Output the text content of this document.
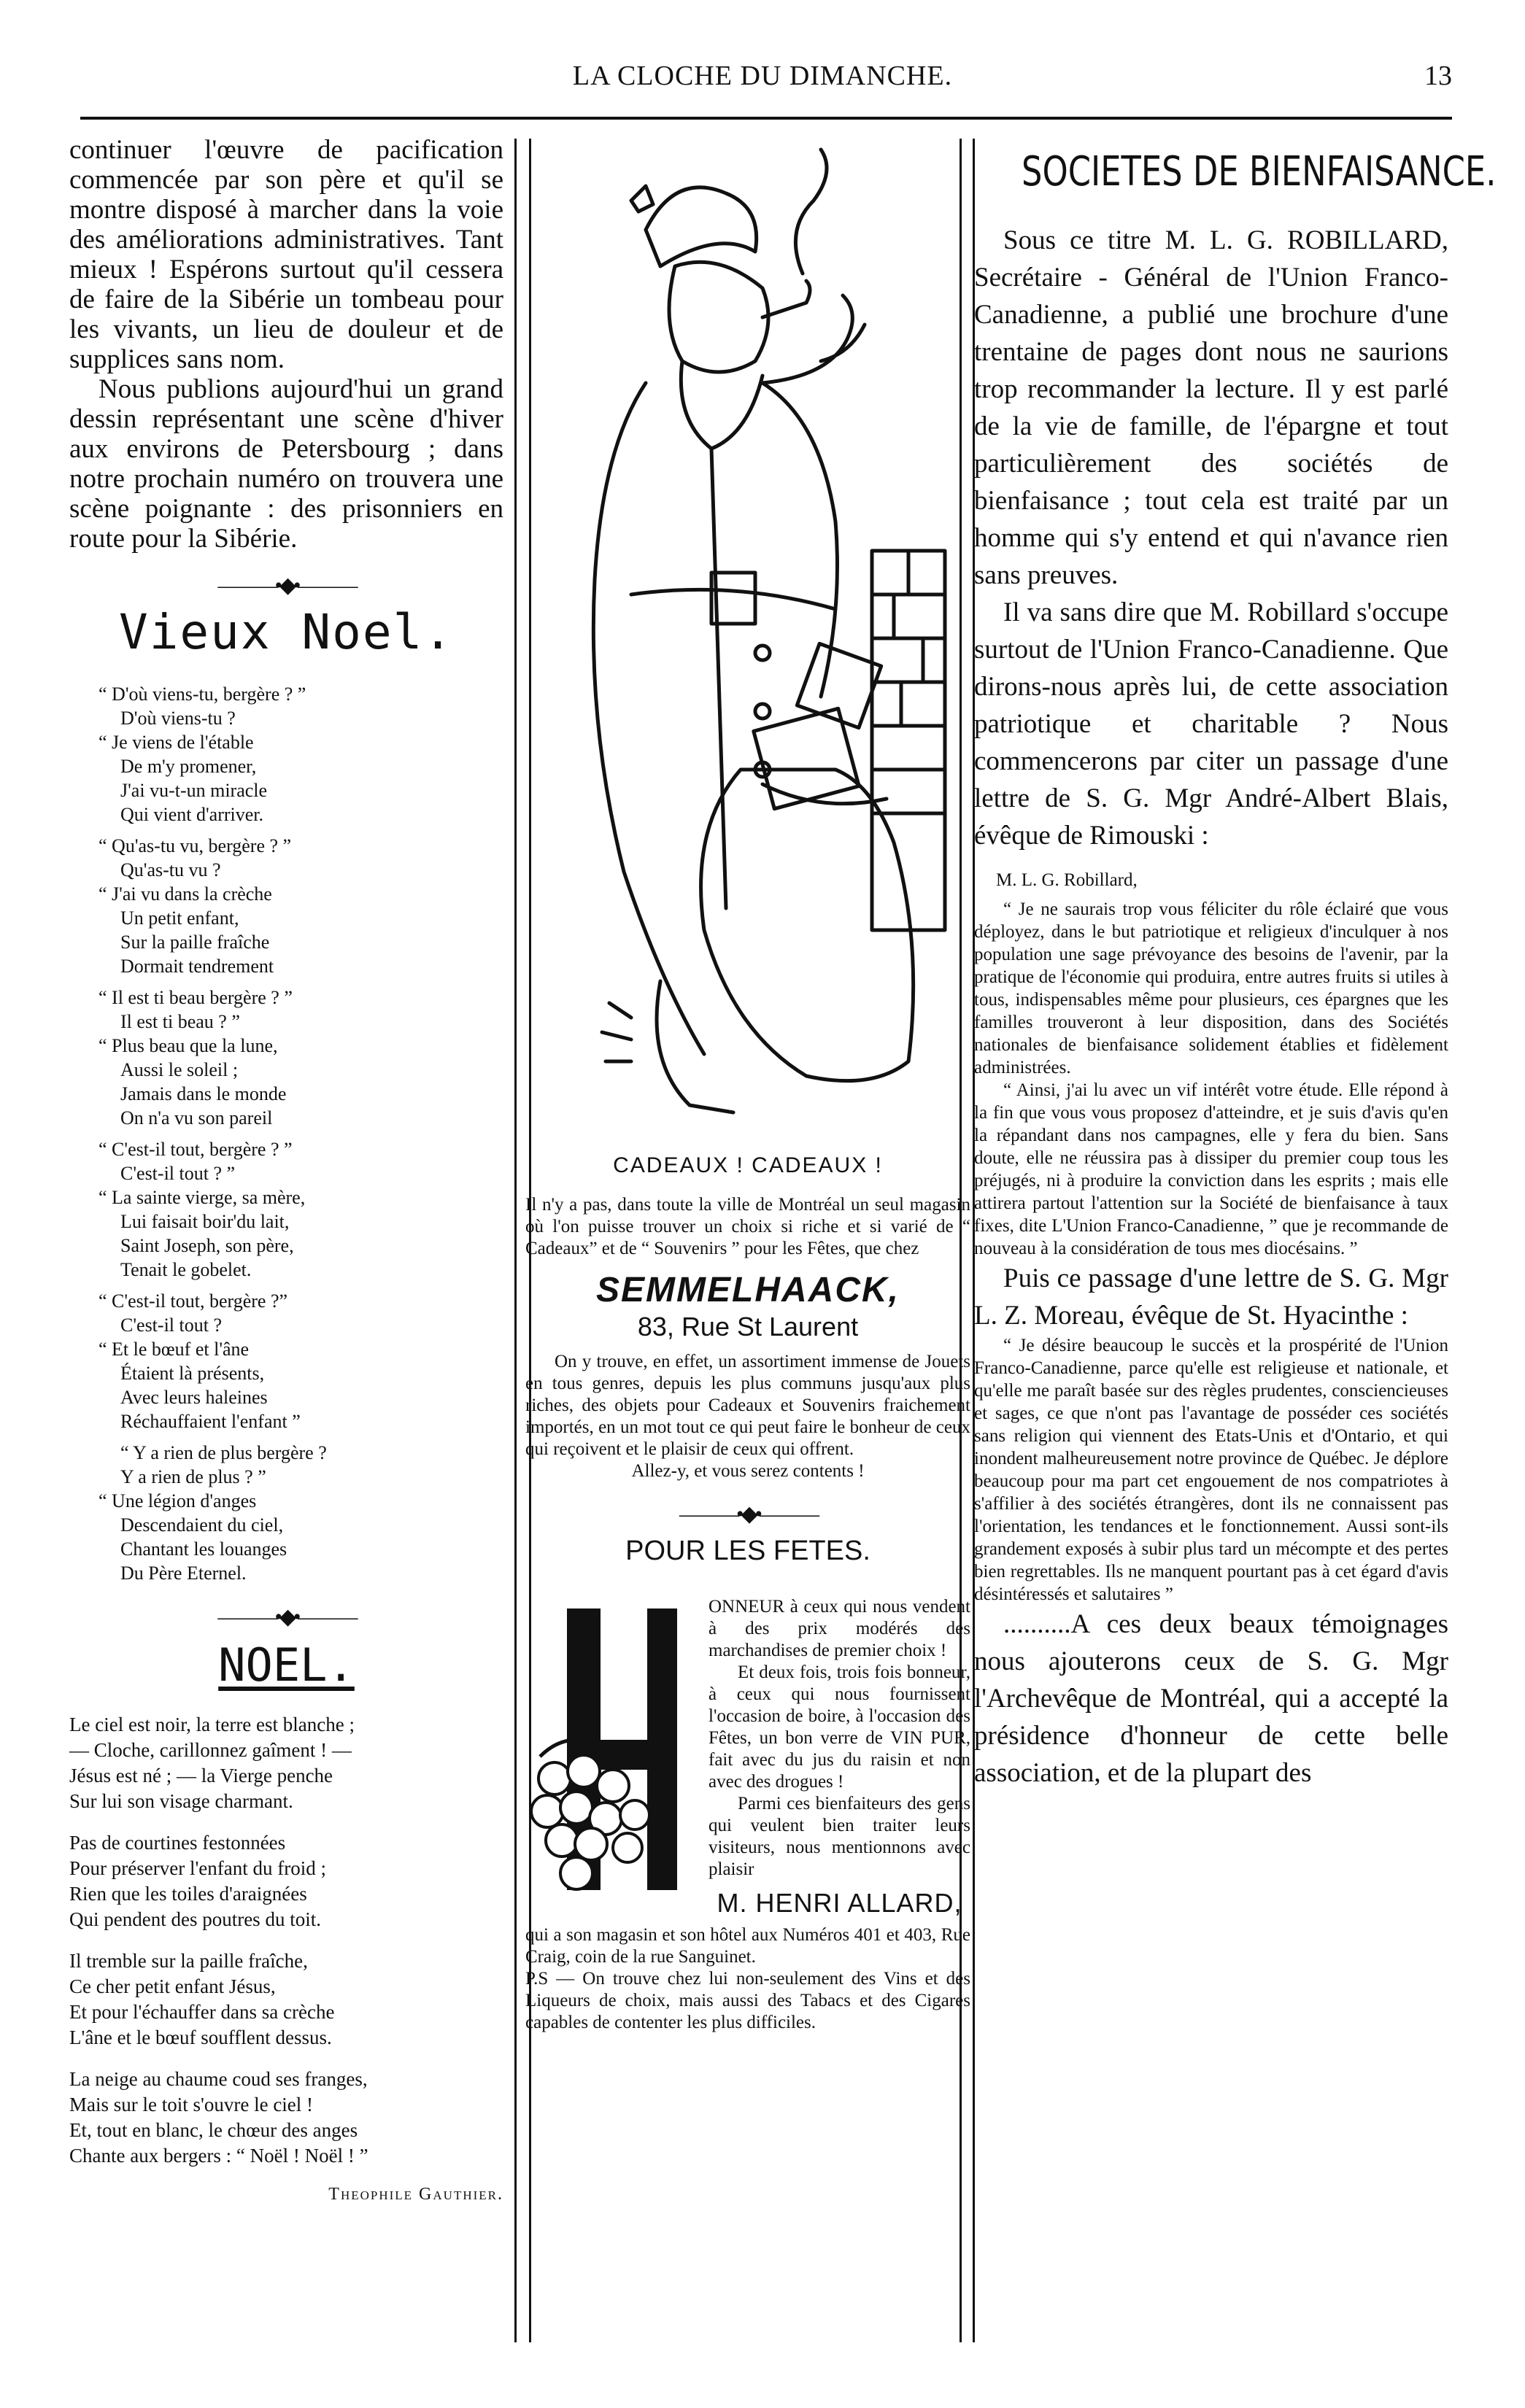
LA CLOCHE DU DIMANCHE.	13

continuer l'œuvre de pacification commencée par son père et qu'il se montre disposé à marcher dans la voie des améliorations administratives. Tant mieux ! Espérons surtout qu'il cessera de faire de la Sibérie un tombeau pour les vivants, un lieu de douleur et de supplices sans nom.

Nous publions aujourd'hui un grand dessin représentant une scène d'hiver aux environs de Petersbourg ; dans notre prochain numéro on trouvera une scène poignante : des prisonniers en route pour la Sibérie.

———•◆•———
Vieux Noel.
“ D'où viens-tu, bergère ? ”
D'où viens-tu ?
“ Je viens de l'étable
De m'y promener,
J'ai vu-t-un miracle
Qui vient d'arriver.
“ Qu'as-tu vu, bergère ? ”
Qu'as-tu vu ?
“ J'ai vu dans la crèche
Un petit enfant,
Sur la paille fraîche
Dormait tendrement
“ Il est ti beau bergère ? ”
Il est ti beau ? ”
“ Plus beau que la lune,
Aussi le soleil ;
Jamais dans le monde
On n'a vu son pareil
“ C'est-il tout, bergère ? ”
C'est-il tout ? ”
“ La sainte vierge, sa mère,
Lui faisait boir'du lait,
Saint Joseph, son père,
Tenait le gobelet.
“ C'est-il tout, bergère ?”
C'est-il tout ?
“ Et le bœuf et l'âne
Étaient là présents,
Avec leurs haleines
Réchauffaient l'enfant ”
“ Y a rien de plus bergère ?
Y a rien de plus ? ”
“ Une légion d'anges
Descendaient du ciel,
Chantant les louanges
Du Père Eternel.
———•◆•———
NOEL.
Le ciel est noir, la terre est blanche ;
— Cloche, carillonnez gaîment ! —
Jésus est né ; — la Vierge penche
Sur lui son visage charmant.
Pas de courtines festonnées
Pour préserver l'enfant du froid ;
Rien que les toiles d'araignées
Qui pendent des poutres du toit.
Il tremble sur la paille fraîche,
Ce cher petit enfant Jésus,
Et pour l'échauffer dans sa crèche
L'âne et le bœuf soufflent dessus.
La neige au chaume coud ses franges,
Mais sur le toit s'ouvre le ciel !
Et, tout en blanc, le chœur des anges
Chante aux bergers : “ Noël ! Noël ! ”
Theophile Gauthier.
CADEAUX ! CADEAUX !

Il n'y a pas, dans toute la ville de Montréal un seul magasin où l'on puisse trouver un choix si riche et si varié de “ Cadeaux” et de “ Souvenirs ” pour les Fêtes, que chez

SEMMELHAACK,
83, Rue St Laurent

On y trouve, en effet, un assortiment immense de Jouets en tous genres, depuis les plus communs jusqu'aux plus riches, des objets pour Cadeaux et Souvenirs fraichement importés, en un mot tout ce qui peut faire le bonheur de ceux qui reçoivent et le plaisir de ceux qui offrent.

Allez-y, et vous serez contents !

———•◆•———
POUR LES FETES.

ONNEUR à ceux qui nous vendent à des prix modérés des marchandises de premier choix !

Et deux fois, trois fois bonneur, à ceux qui nous fournissent l'occasion de boire, à l'occasion des Fêtes, un bon verre de VIN PUR, fait avec du jus du raisin et non avec des drogues !

Parmi ces bienfaiteurs des gens qui veulent bien traiter leurs visiteurs, nous mentionnons avec plaisir

M. HENRI ALLARD,

qui a son magasin et son hôtel aux Numéros 401 et 403, Rue Craig, coin de la rue Sanguinet.

P.S — On trouve chez lui non-seulement des Vins et des Liqueurs de choix, mais aussi des Tabacs et des Cigares capables de contenter les plus difficiles.

SOCIETES DE BIENFAISANCE.

Sous ce titre M. L. G. ROBILLARD, Secrétaire - Général de l'Union Franco-Canadienne, a publié une brochure d'une trentaine de pages dont nous ne saurions trop recommander la lecture. Il y est parlé de la vie de famille, de l'épargne et tout particulièrement des sociétés de bienfaisance ; tout cela est traité par un homme qui s'y entend et qui n'avance rien sans preuves.

Il va sans dire que M. Robillard s'occupe surtout de l'Union Franco-Canadienne. Que dirons-nous après lui, de cette association patriotique et charitable ? Nous commencerons par citer un passage d'une lettre de S. G. Mgr André-Albert Blais, évêque de Rimouski :

M. L. G. Robillard,

“ Je ne saurais trop vous féliciter du rôle éclairé que vous déployez, dans le but patriotique et religieux d'inculquer à nos population une sage prévoyance des besoins de l'avenir, par la pratique de l'économie qui produira, entre autres fruits si utiles à tous, indispensables même pour plusieurs, ces épargnes que les familles trouveront à leur disposition, dans des Sociétés nationales de bienfaisance solidement établies et fidèlement administrées.

“ Ainsi, j'ai lu avec un vif intérêt votre étude. Elle répond à la fin que vous vous proposez d'atteindre, et je suis d'avis qu'en la répandant dans nos campagnes, elle y fera du bien. Sans doute, elle ne réussira pas à dissiper du premier coup tous les préjugés, ni à produire la conviction dans les esprits ; mais elle attirera partout l'attention sur la Société de bienfaisance à taux fixes, dite L'Union Franco-Canadienne, ” que je recommande de nouveau à la considération de tous mes diocésains. ”

Puis ce passage d'une lettre de S. G. Mgr L. Z. Moreau, évêque de St. Hyacinthe :

“ Je désire beaucoup le succès et la prospérité de l'Union Franco-Canadienne, parce qu'elle est religieuse et nationale, et qu'elle me paraît basée sur des règles prudentes, consciencieuses et sages, ce que n'ont pas l'avantage de posséder ces sociétés sans religion qui viennent des Etats-Unis et d'Ontario, et qui inondent malheureusement notre province de Québec. Je déplore beaucoup pour ma part cet engouement de nos compatriotes à s'affilier à des sociétés étrangères, dont ils ne connaissent pas l'orientation, les tendances et le fonctionnement. Aussi sont-ils grandement exposés à subir plus tard un mécompte et des pertes bien regrettables. Ils ne manquent pourtant pas à cet égard d'avis désintéressés et salutaires ”

..........A ces deux beaux témoignages nous ajouterons ceux de S. G. Mgr l'Archevêque de Montréal, qui a accepté la présidence d'honneur de cette belle association, et de la plupart des
